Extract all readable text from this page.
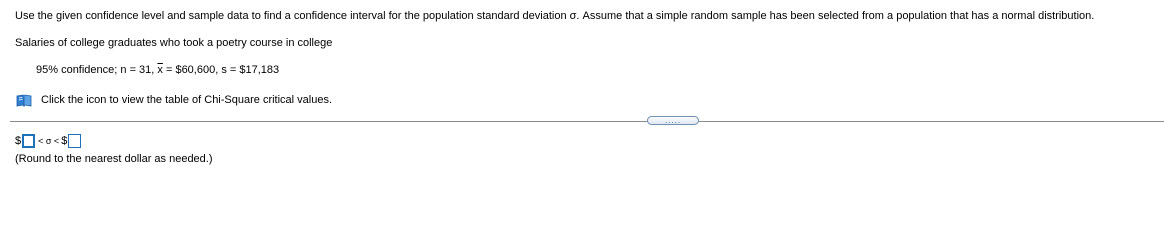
Use the given confidence level and sample data to find a confidence interval for the population standard deviation σ. Assume that a simple random sample has been selected from a population that has a normal distribution.
Salaries of college graduates who took a poetry course in college
95% confidence; n = 31, $\overline{x}$ = $60,600, s = $17,183
Click the icon to view the table of Chi-Square critical values.
.....
$ < σ < $
(Round to the nearest dollar as needed.)
